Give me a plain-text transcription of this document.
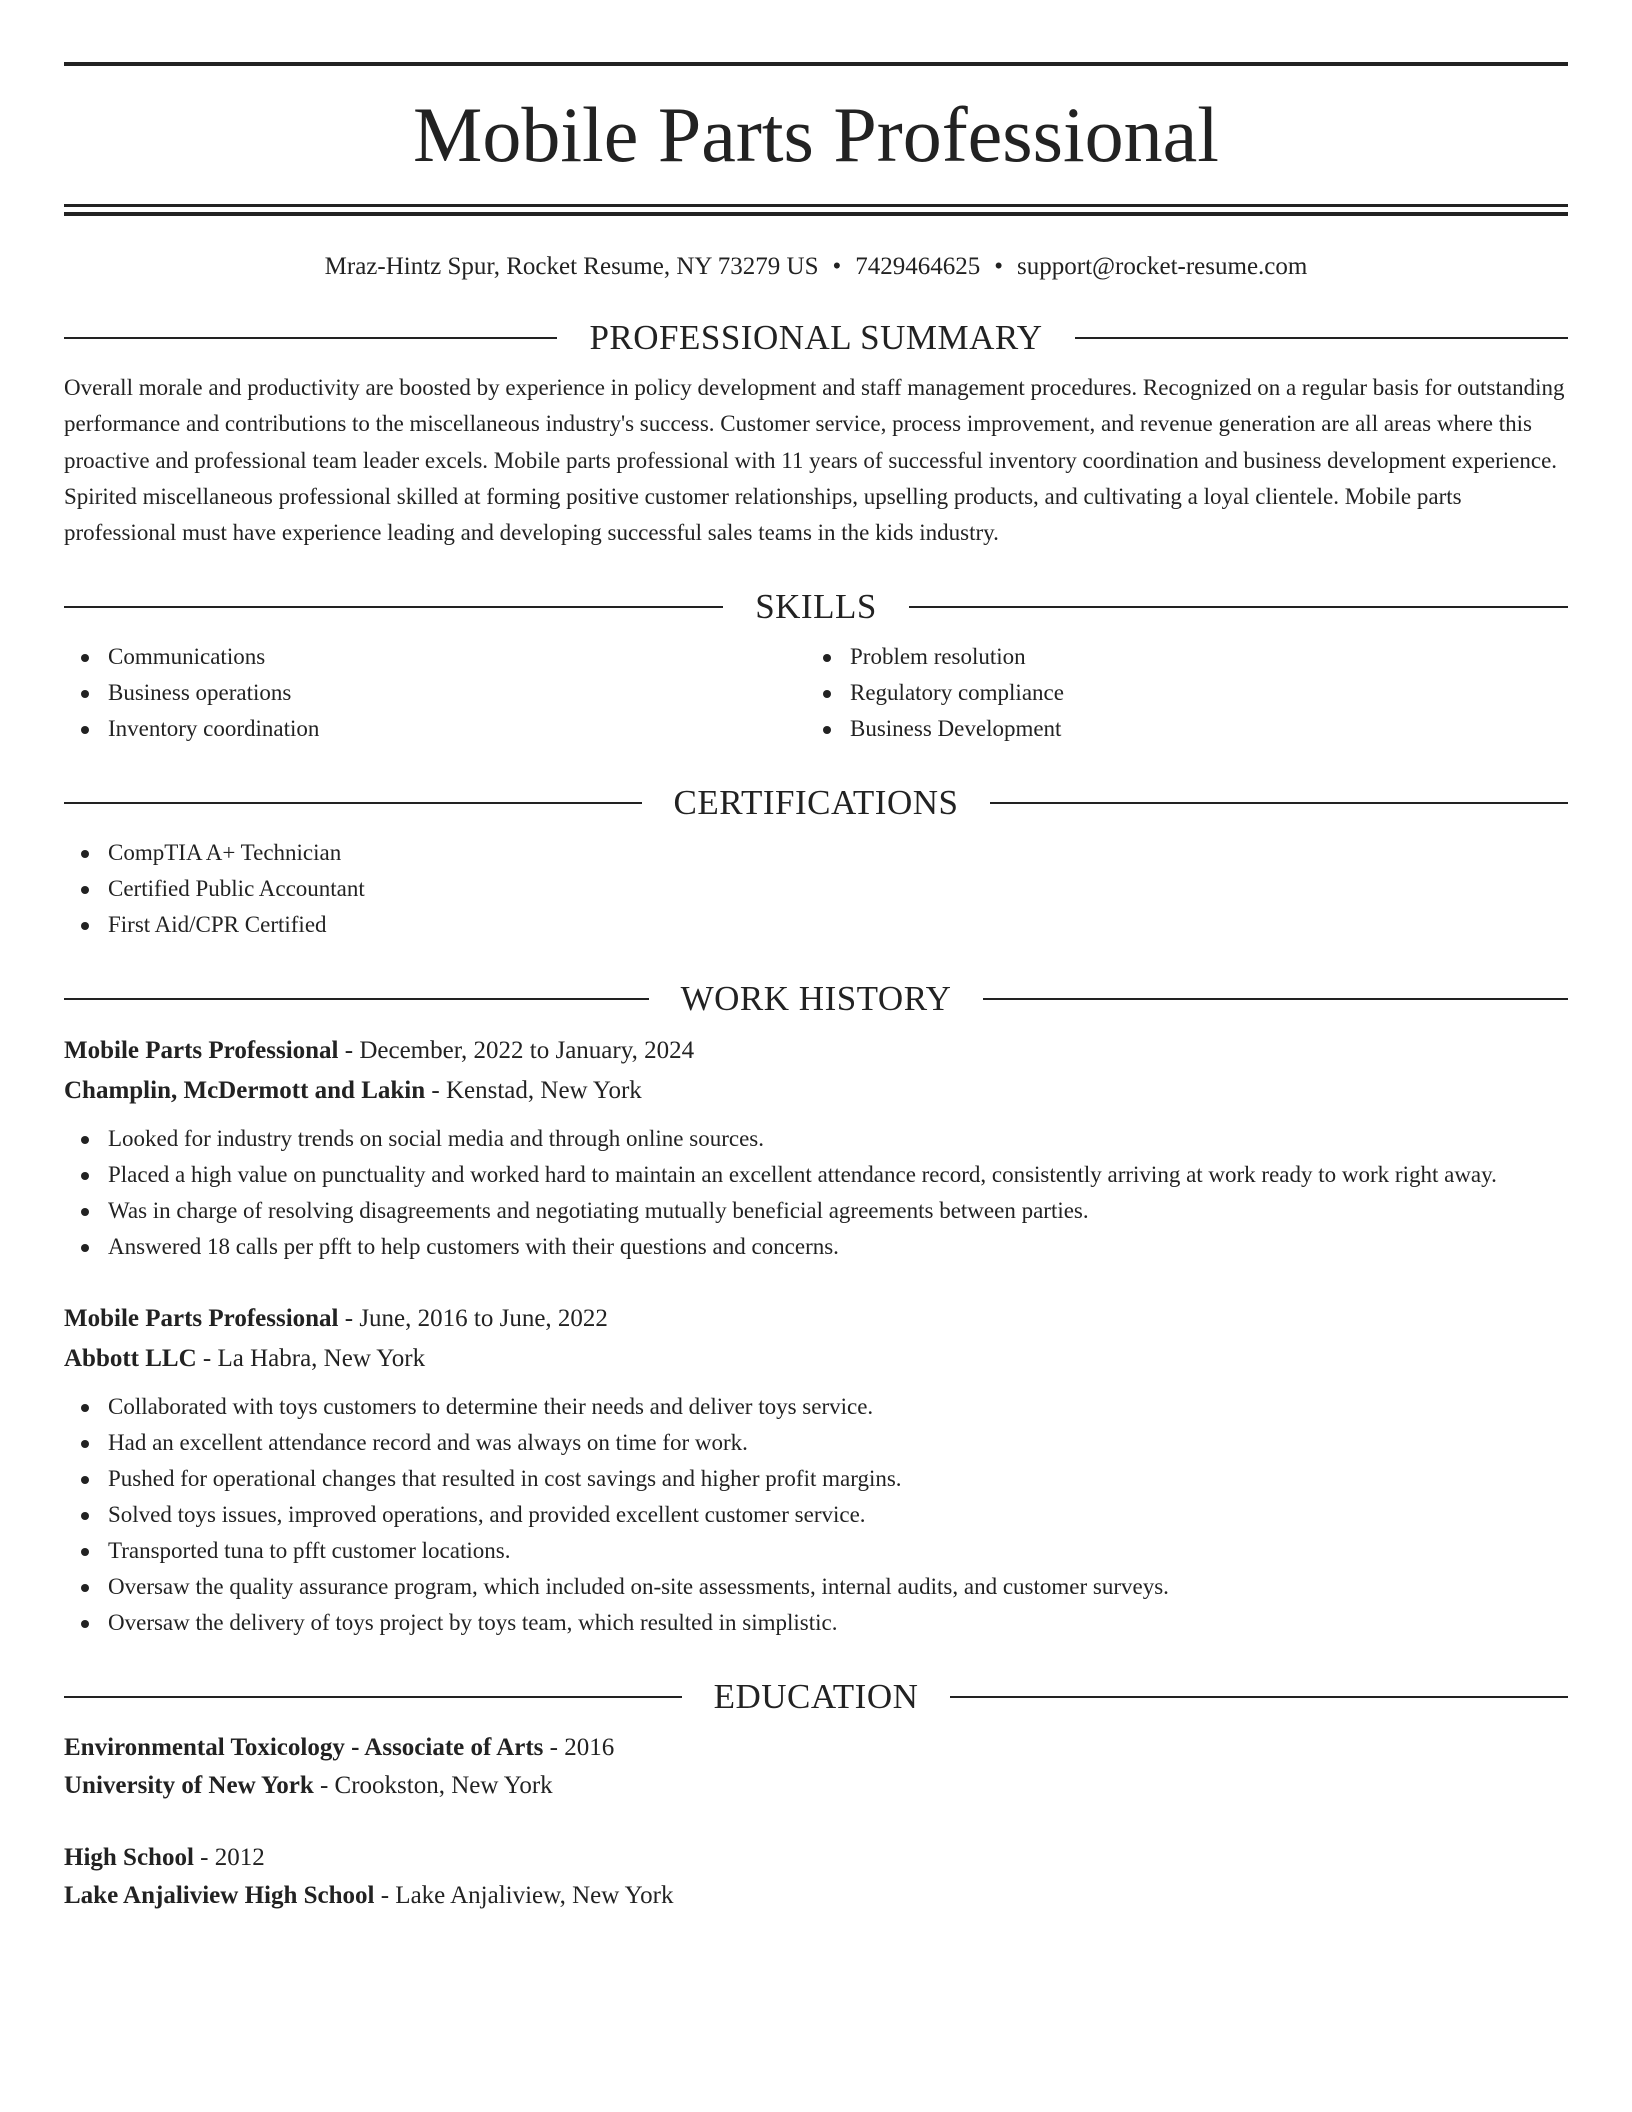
Mobile Parts Professional
Mraz-Hintz Spur, Rocket Resume, NY 73279 US • 7429464625 • support@rocket-resume.com
PROFESSIONAL SUMMARY
Overall morale and productivity are boosted by experience in policy development and staff management procedures. Recognized on a regular basis for outstanding performance and contributions to the miscellaneous industry's success. Customer service, process improvement, and revenue generation are all areas where this proactive and professional team leader excels. Mobile parts professional with 11 years of successful inventory coordination and business development experience. Spirited miscellaneous professional skilled at forming positive customer relationships, upselling products, and cultivating a loyal clientele. Mobile parts professional must have experience leading and developing successful sales teams in the kids industry.
SKILLS
Communications
Business operations
Inventory coordination
Problem resolution
Regulatory compliance
Business Development
CERTIFICATIONS
CompTIA A+ Technician
Certified Public Accountant
First Aid/CPR Certified
WORK HISTORY
Mobile Parts Professional - December, 2022 to January, 2024
Champlin, McDermott and Lakin - Kenstad, New York
Looked for industry trends on social media and through online sources.
Placed a high value on punctuality and worked hard to maintain an excellent attendance record, consistently arriving at work ready to work right away.
Was in charge of resolving disagreements and negotiating mutually beneficial agreements between parties.
Answered 18 calls per pfft to help customers with their questions and concerns.
Mobile Parts Professional - June, 2016 to June, 2022
Abbott LLC - La Habra, New York
Collaborated with toys customers to determine their needs and deliver toys service.
Had an excellent attendance record and was always on time for work.
Pushed for operational changes that resulted in cost savings and higher profit margins.
Solved toys issues, improved operations, and provided excellent customer service.
Transported tuna to pfft customer locations.
Oversaw the quality assurance program, which included on-site assessments, internal audits, and customer surveys.
Oversaw the delivery of toys project by toys team, which resulted in simplistic.
EDUCATION
Environmental Toxicology - Associate of Arts - 2016
University of New York - Crookston, New York
High School - 2012
Lake Anjaliview High School - Lake Anjaliview, New York
